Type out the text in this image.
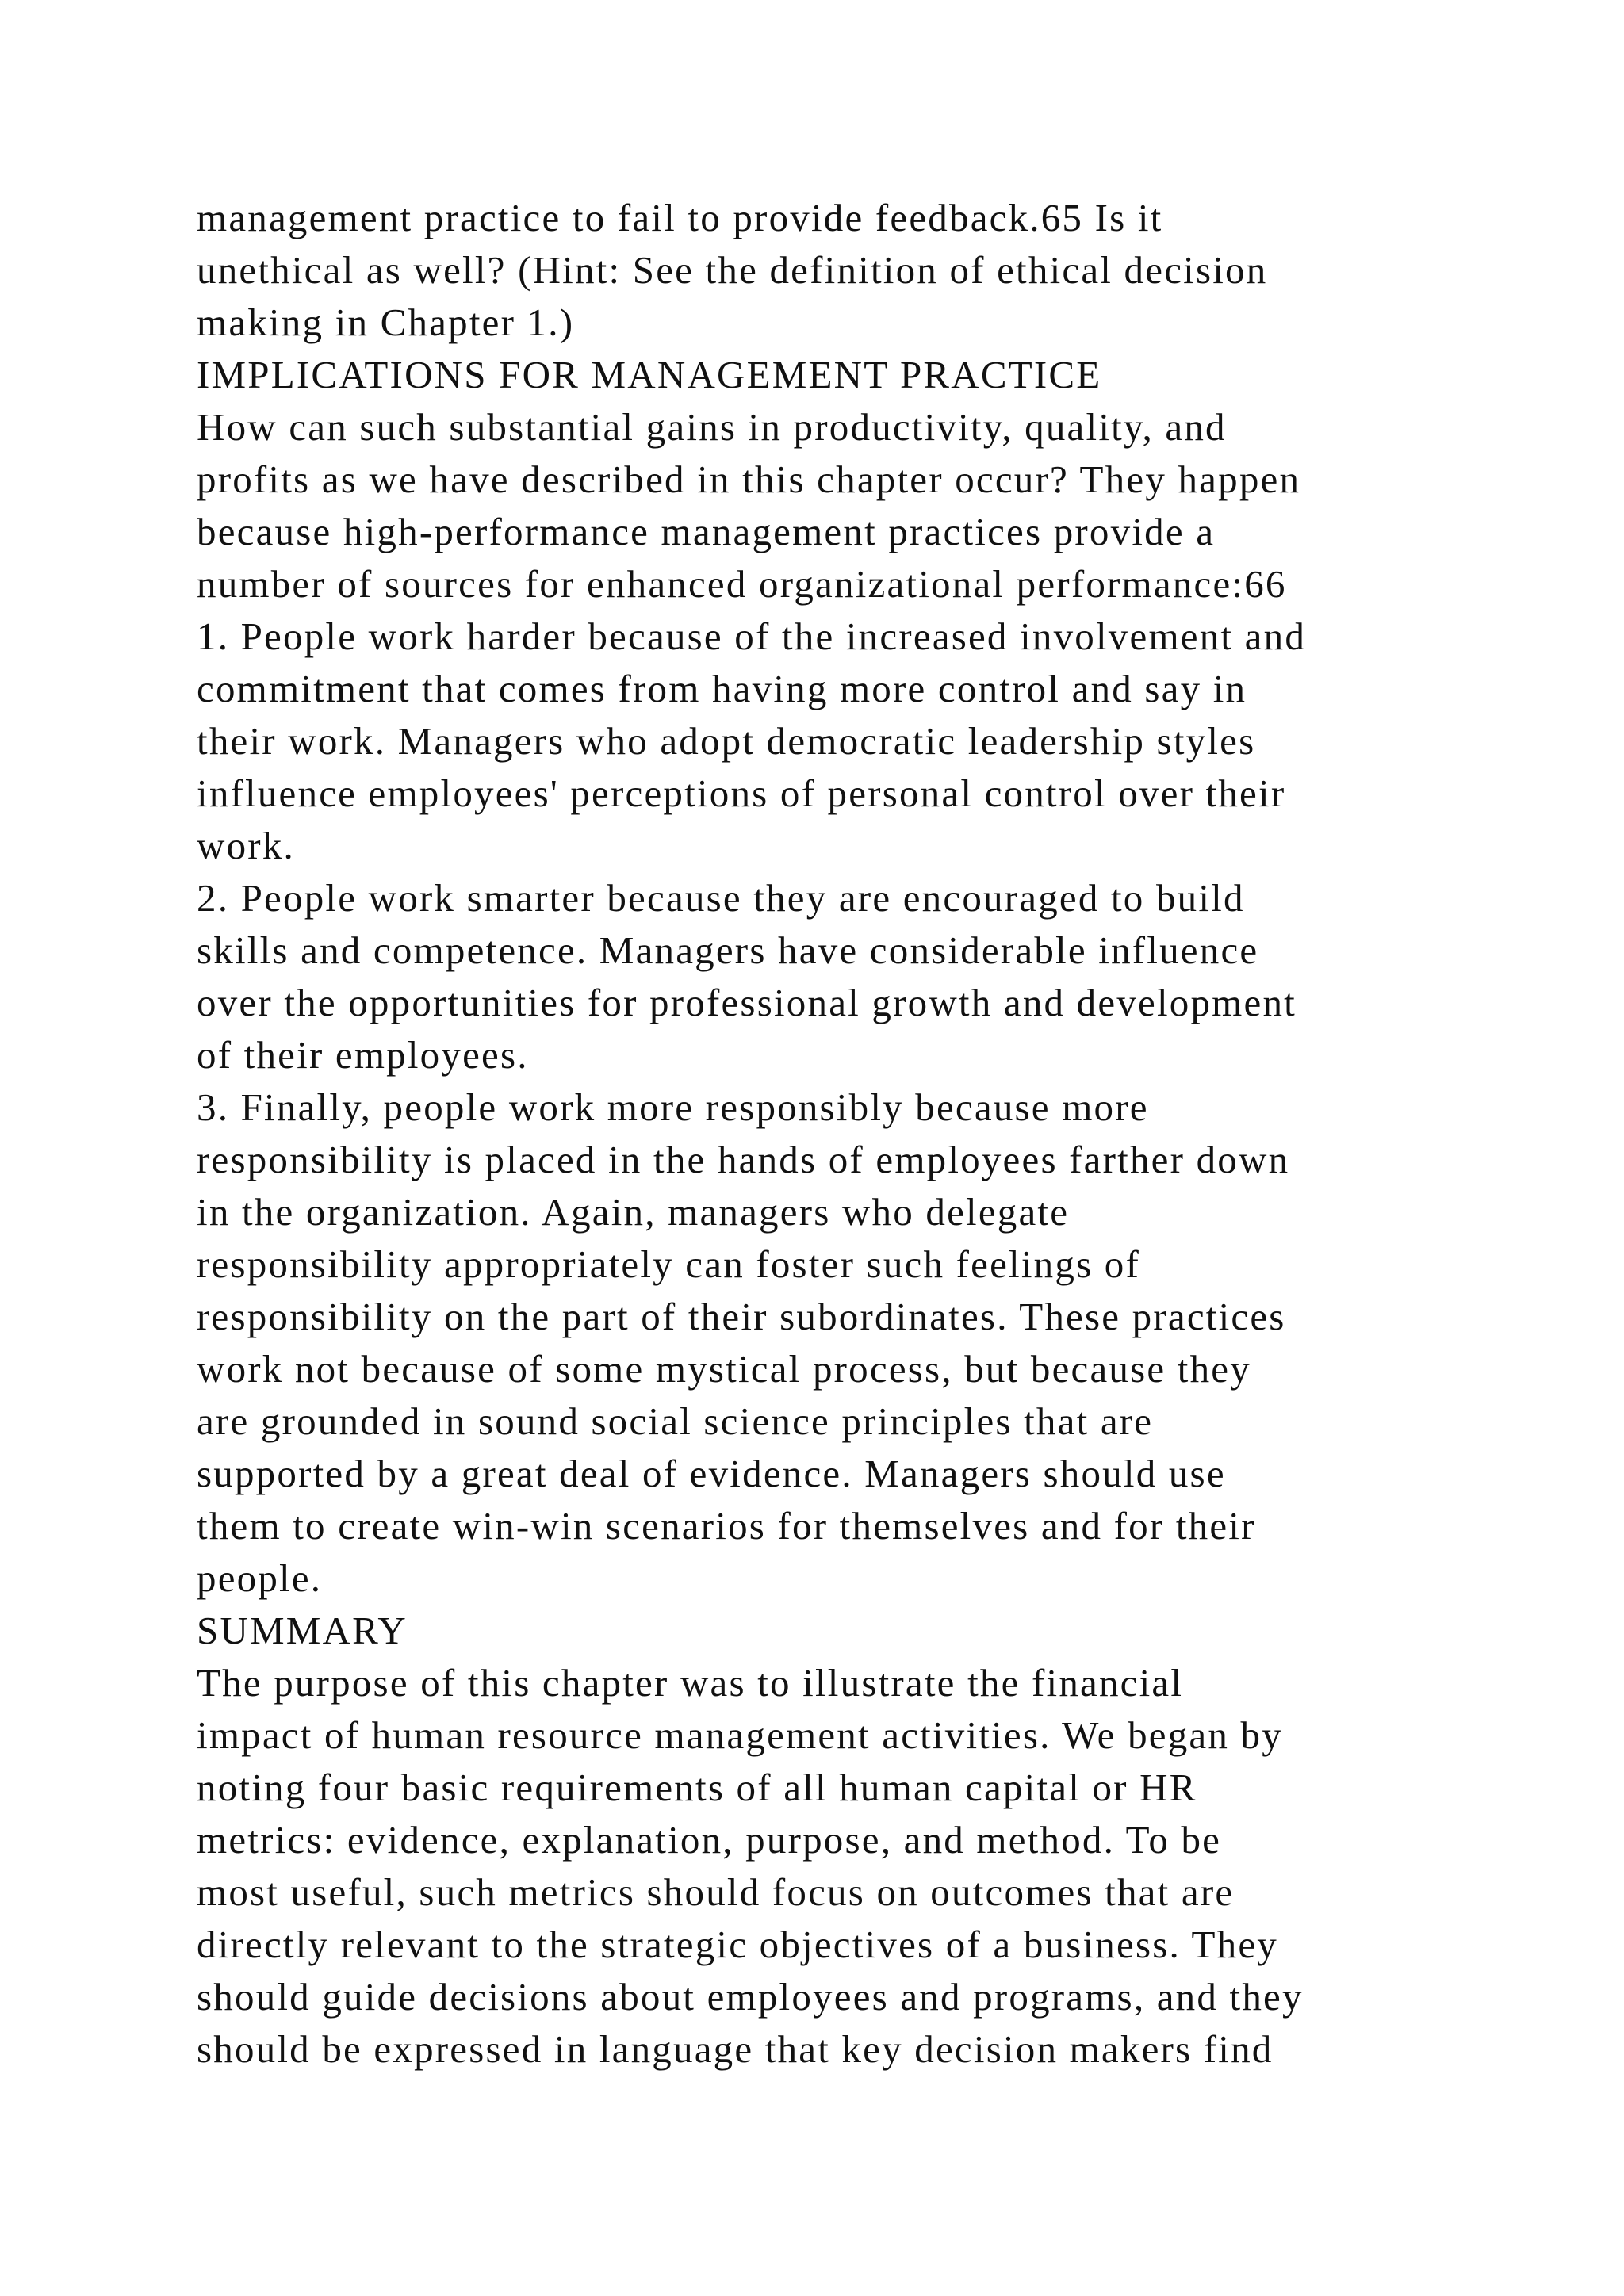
management practice to fail to provide feedback.65 Is it
unethical as well? (Hint: See the definition of ethical decision
making in Chapter 1.)
IMPLICATIONS FOR MANAGEMENT PRACTICE
How can such substantial gains in productivity, quality, and
profits as we have described in this chapter occur? They happen
because high-performance management practices provide a
number of sources for enhanced organizational performance:66
1. People work harder because of the increased involvement and
commitment that comes from having more control and say in
their work. Managers who adopt democratic leadership styles
influence employees' perceptions of personal control over their
work.
2. People work smarter because they are encouraged to build
skills and competence. Managers have considerable influence
over the opportunities for professional growth and development
of their employees.
3. Finally, people work more responsibly because more
responsibility is placed in the hands of employees farther down
in the organization. Again, managers who delegate
responsibility appropriately can foster such feelings of
responsibility on the part of their subordinates. These practices
work not because of some mystical process, but because they
are grounded in sound social science principles that are
supported by a great deal of evidence. Managers should use
them to create win-win scenarios for themselves and for their
people.
SUMMARY
The purpose of this chapter was to illustrate the financial
impact of human resource management activities. We began by
noting four basic requirements of all human capital or HR
metrics: evidence, explanation, purpose, and method. To be
most useful, such metrics should focus on outcomes that are
directly relevant to the strategic objectives of a business. They
should guide decisions about employees and programs, and they
should be expressed in language that key decision makers find
